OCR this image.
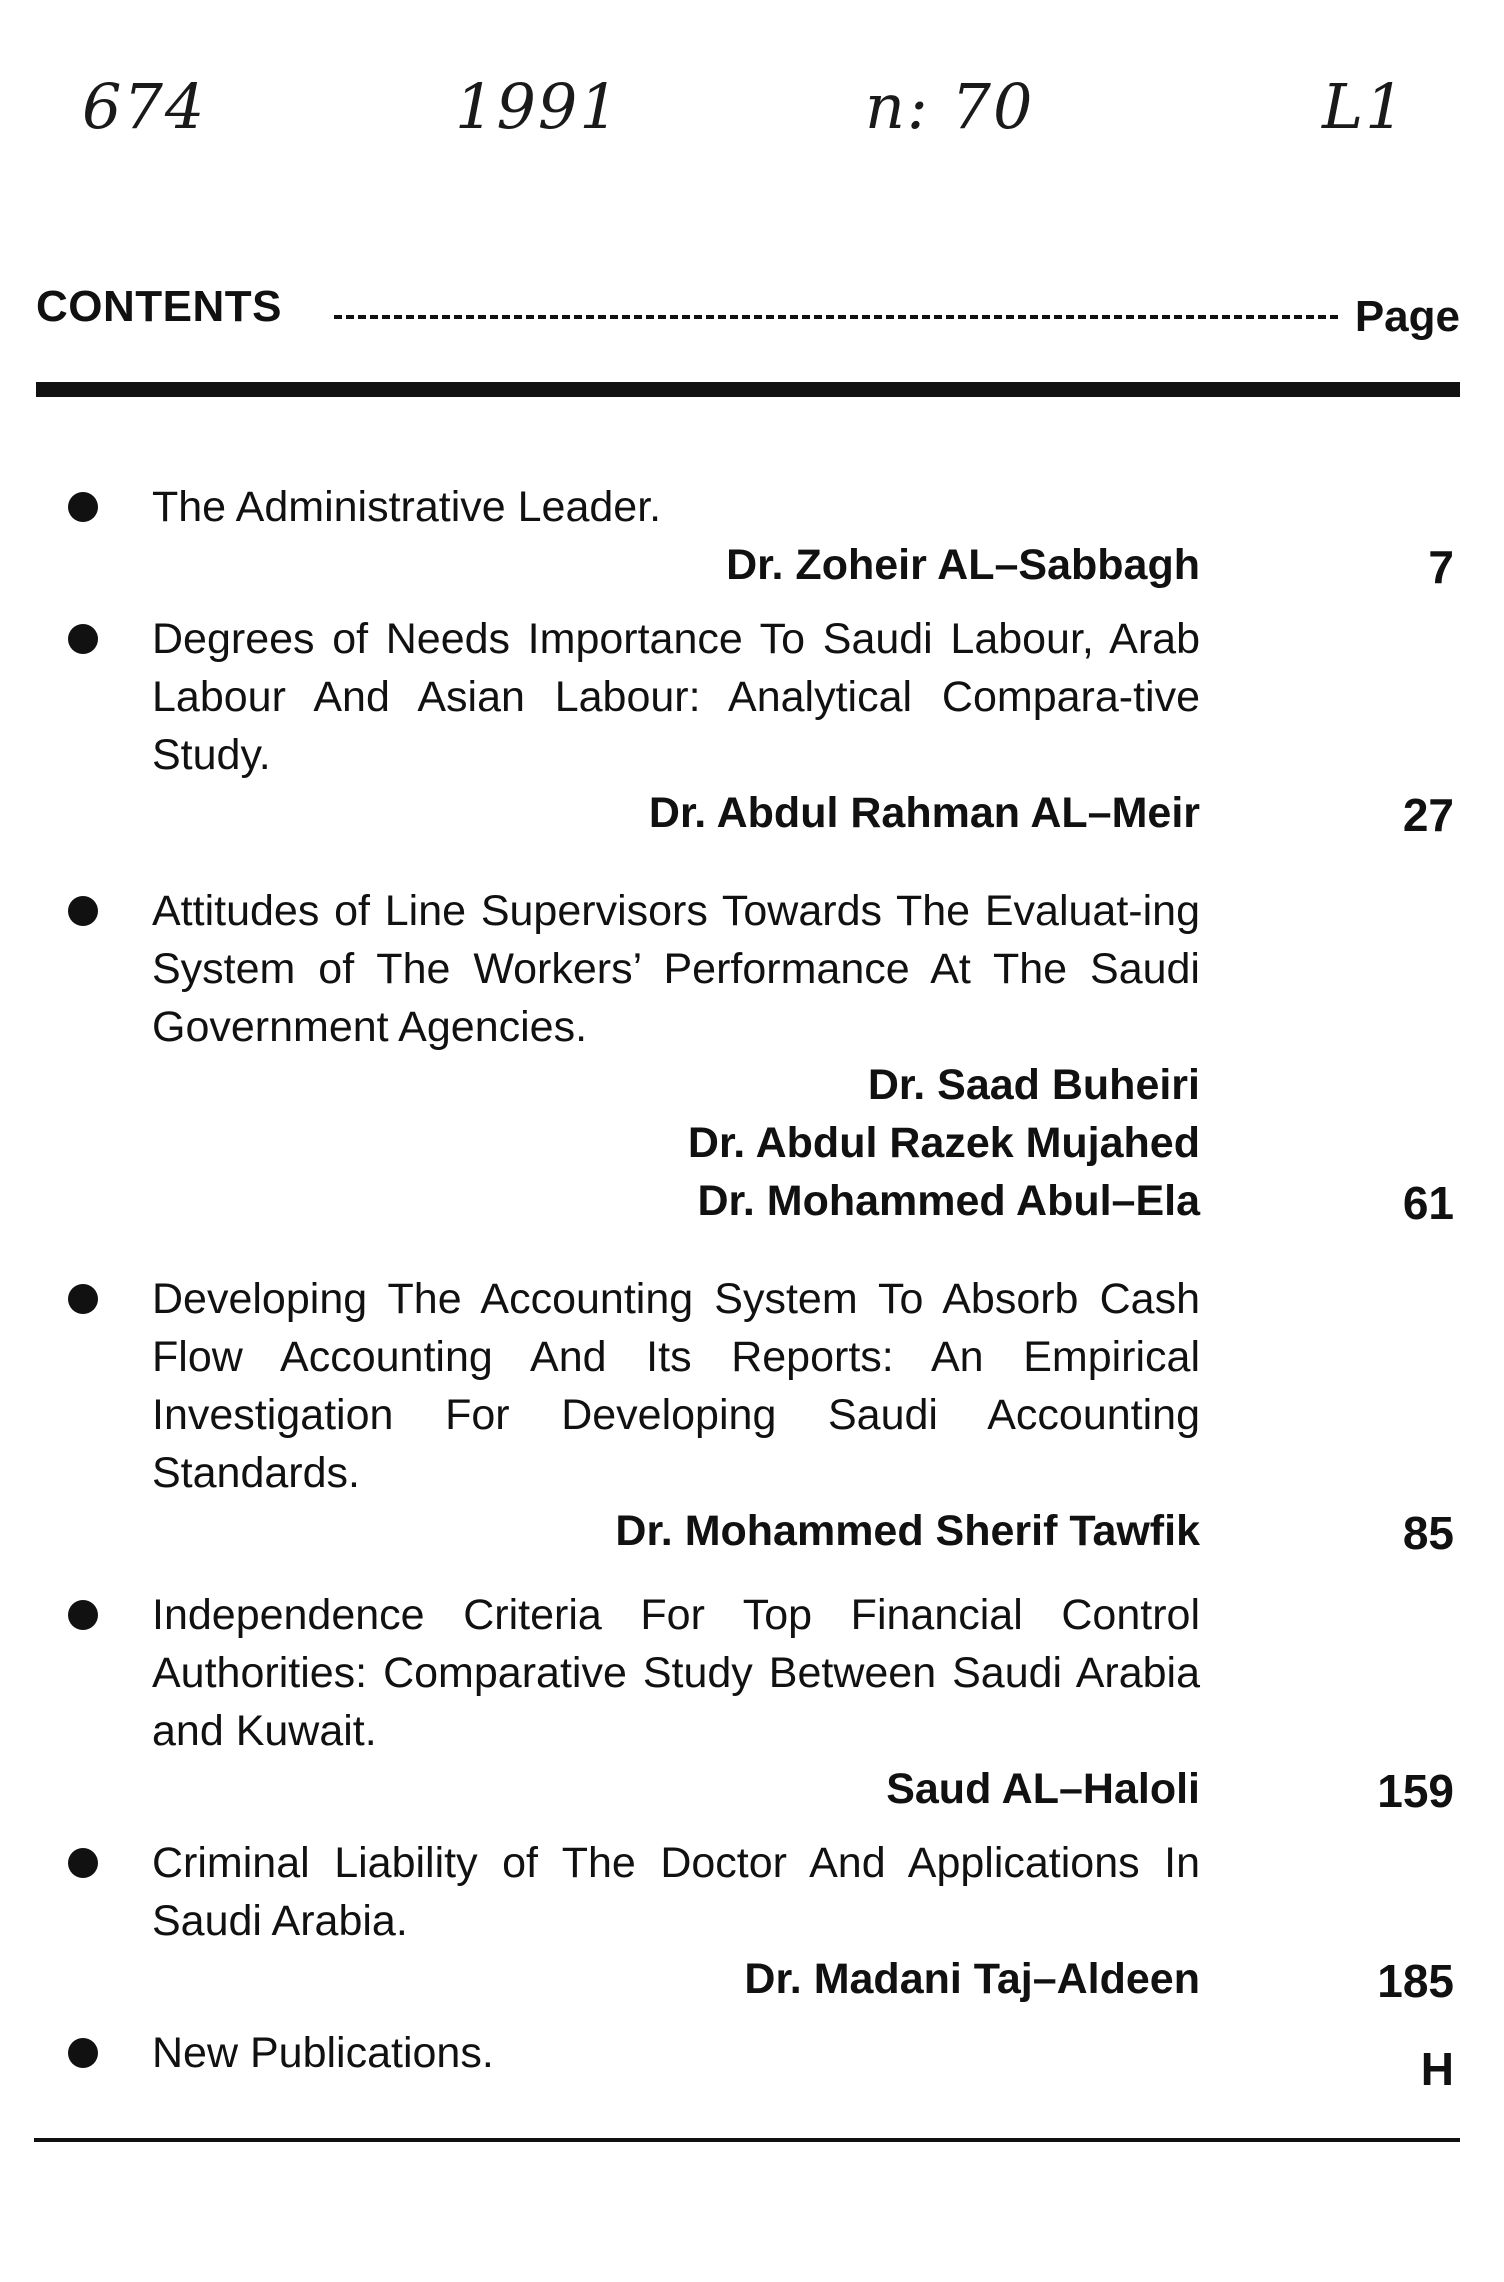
674	1991	n: 70	L1
CONTENTS	Page
The Administrative Leader.
Dr. Zoheir AL–Sabbagh	7
Degrees of Needs Importance To Saudi Labour, Arab Labour And Asian Labour: Analytical Compara-tive Study.
Dr. Abdul Rahman AL–Meir	27
Attitudes of Line Supervisors Towards The Evaluat-ing System of The Workers’ Performance At The Saudi Government Agencies.
Dr. Saad Buheiri
Dr. Abdul Razek Mujahed
Dr. Mohammed Abul–Ela	61
Developing The Accounting System To Absorb Cash Flow Accounting And Its Reports: An Empirical Investigation For Developing Saudi Accounting Standards.
Dr. Mohammed Sherif Tawfik	85
Independence Criteria For Top Financial Control Authorities: Comparative Study Between Saudi Arabia and Kuwait.
Saud AL–Haloli	159
Criminal Liability of The Doctor And Applications In Saudi Arabia.
Dr. Madani Taj–Aldeen	185
New Publications.	H
